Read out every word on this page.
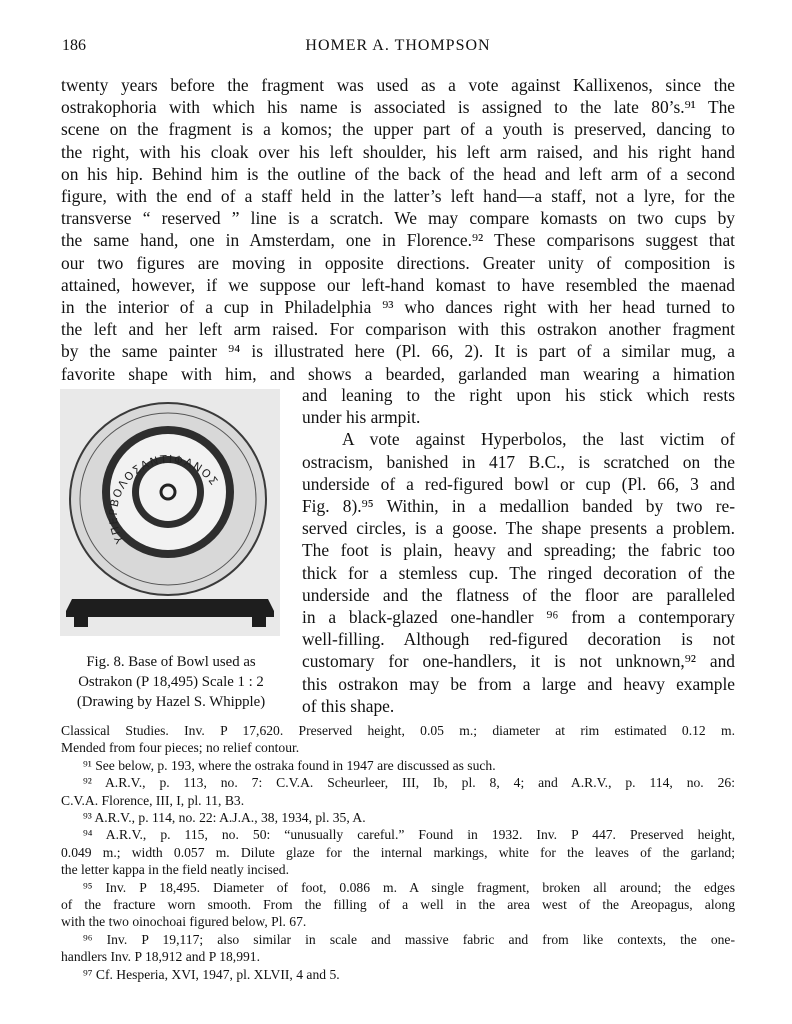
186	HOMER A. THOMPSON
twenty years before the fragment was used as a vote against Kallixenos, since the
ostrakophoria with which his name is associated is assigned to the late 80’s.⁹¹ The
scene on the fragment is a komos; the upper part of a youth is preserved, dancing to
the right, with his cloak over his left shoulder, his left arm raised, and his right hand
on his hip. Behind him is the outline of the back of the head and left arm of a second
figure, with the end of a staff held in the latter’s left hand—a staff, not a lyre, for the
transverse “ reserved ” line is a scratch. We may compare komasts on two cups by
the same hand, one in Amsterdam, one in Florence.⁹² These comparisons suggest that
our two figures are moving in opposite directions. Greater unity of composition is
attained, however, if we suppose our left-hand komast to have resembled the maenad
in the interior of a cup in Philadelphia ⁹³ who dances right with her head turned to
the left and her left arm raised. For comparison with this ostrakon another fragment
by the same painter ⁹⁴ is illustrated here (Pl. 66, 2). It is part of a similar mug, a
favorite shape with him, and shows a bearded, garlanded man wearing a himation
ΥΠΕΡΒΟΛΟΣΑΝΤΙΦΑΝΟΣ
Fig. 8. Base of Bowl used as
Ostrakon (P 18,495) Scale 1 : 2
(Drawing by Hazel S. Whipple)
and leaning to the right upon his stick which rests
under his armpit.
A vote against Hyperbolos, the last victim of
ostracism, banished in 417 B.C., is scratched on the
underside of a red-figured bowl or cup (Pl. 66, 3 and
Fig. 8).⁹⁵ Within, in a medallion banded by two re-
served circles, is a goose. The shape presents a problem.
The foot is plain, heavy and spreading; the fabric too
thick for a stemless cup. The ringed decoration of the
underside and the flatness of the floor are paralleled
in a black-glazed one-handler ⁹⁶ from a contemporary
well-filling. Although red-figured decoration is not
customary for one-handlers, it is not unknown,⁹² and
this ostrakon may be from a large and heavy example
of this shape.
Classical Studies. Inv. P 17,620. Preserved height, 0.05 m.; diameter at rim estimated 0.12 m.
Mended from four pieces; no relief contour.
⁹¹ See below, p. 193, where the ostraka found in 1947 are discussed as such.
⁹² A.R.V., p. 113, no. 7: C.V.A. Scheurleer, III, Ib, pl. 8, 4; and A.R.V., p. 114, no. 26:
C.V.A. Florence, III, I, pl. 11, B3.
⁹³ A.R.V., p. 114, no. 22: A.J.A., 38, 1934, pl. 35, A.
⁹⁴ A.R.V., p. 115, no. 50: “unusually careful.” Found in 1932. Inv. P 447. Preserved height,
0.049 m.; width 0.057 m. Dilute glaze for the internal markings, white for the leaves of the garland;
the letter kappa in the field neatly incised.
⁹⁵ Inv. P 18,495. Diameter of foot, 0.086 m. A single fragment, broken all around; the edges
of the fracture worn smooth. From the filling of a well in the area west of the Areopagus, along
with the two oinochoai figured below, Pl. 67.
⁹⁶ Inv. P 19,117; also similar in scale and massive fabric and from like contexts, the one-
handlers Inv. P 18,912 and P 18,991.
⁹⁷ Cf. Hesperia, XVI, 1947, pl. XLVII, 4 and 5.
